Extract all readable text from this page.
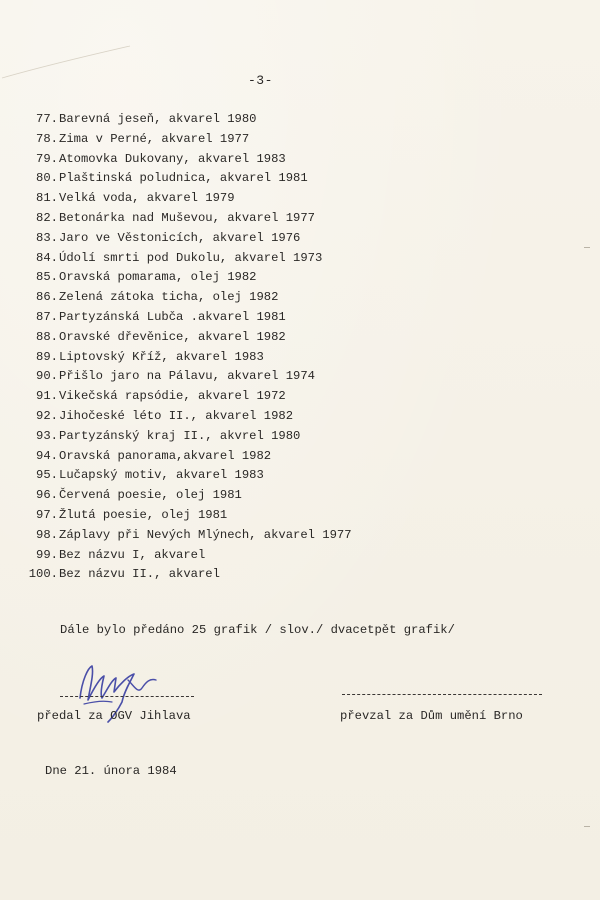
-3-
77. Barevná jeseň, akvarel 1980
78. Zima v Perné, akvarel 1977
79. Atomovka Dukovany, akvarel 1983
80. Plaštinská poludnica, akvarel 1981
81. Velká voda, akvarel 1979
82. Betonárka nad Muševou, akvarel 1977
83. Jaro ve Věstonicích, akvarel 1976
84. Údolí smrti pod Dukolu, akvarel 1973
85. Oravská pomarama, olej 1982
86. Zelená zátoka ticha, olej 1982
87. Partyzánská Lubča .akvarel 1981
88. Oravské dřevěnice, akvarel 1982
89. Liptovský Kříž, akvarel 1983
90. Přišlo jaro na Pálavu, akvarel 1974
91. Vikečská rapsódie, akvarel 1972
92. Jihočeské léto II., akvarel 1982
93. Partyzánský kraj II., akvrel 1980
94. Oravská panorama,akvarel 1982
95. Lučapský motiv, akvarel 1983
96. Červená poesie, olej 1981
97. Žlutá poesie, olej 1981
98. Záplavy při Nevých Mlýnech, akvarel 1977
99. Bez názvu I, akvarel
100. Bez názvu II., akvarel
Dále bylo předáno 25 grafik / slov./ dvacetpět grafik/
předal za OGV Jihlava	převzal za Dům umění Brno
Dne 21. února 1984
